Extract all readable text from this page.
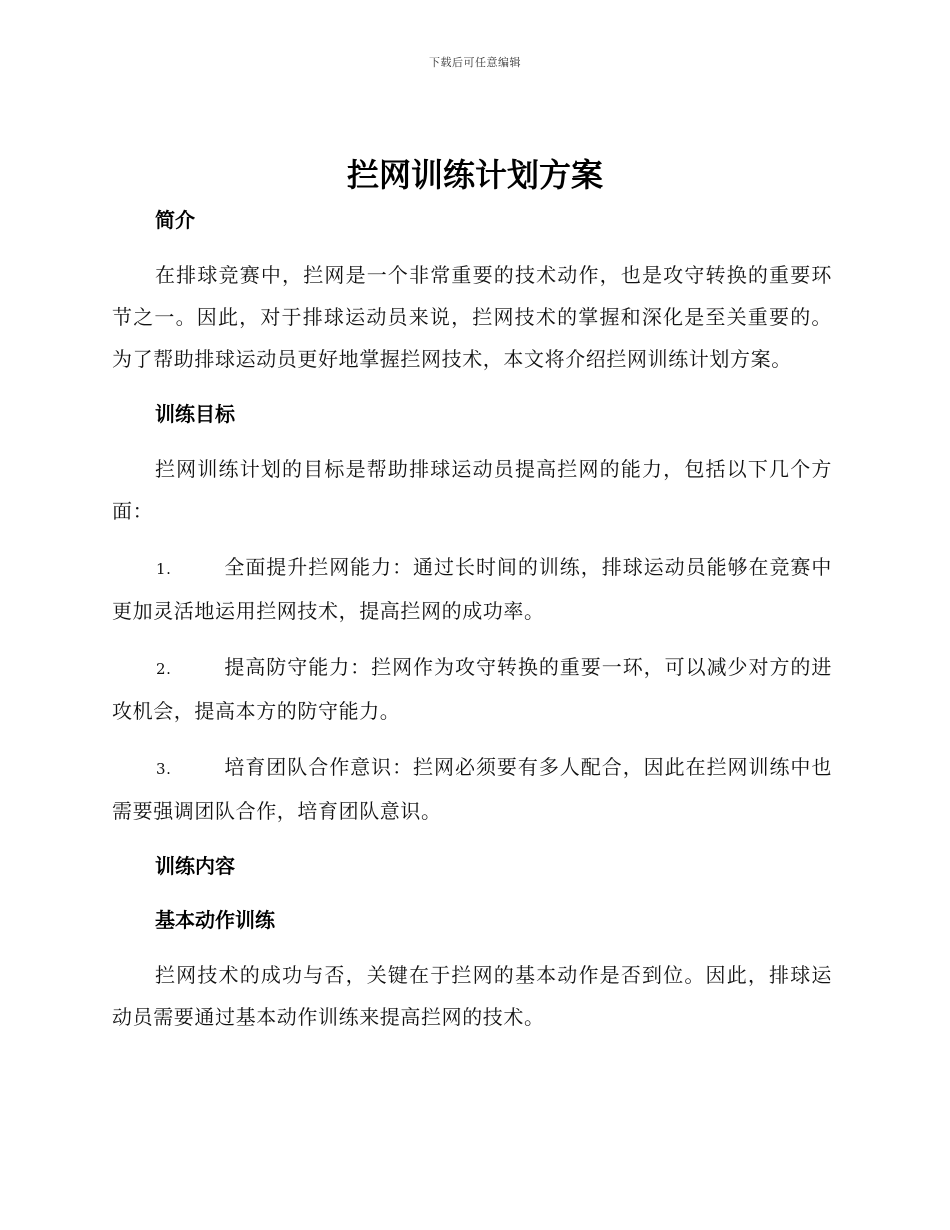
下载后可任意编辑
拦网训练计划方案
简介

在排球竞赛中，拦网是一个非常重要的技术动作，也是攻守转换的重要环节之一。因此，对于排球运动员来说，拦网技术的掌握和深化是至关重要的。为了帮助排球运动员更好地掌握拦网技术，本文将介绍拦网训练计划方案。

训练目标

拦网训练计划的目标是帮助排球运动员提高拦网的能力，包括以下几个方面：

1.	全面提升拦网能力：通过长时间的训练，排球运动员能够在竞赛中更加灵活地运用拦网技术，提高拦网的成功率。

2.	提高防守能力：拦网作为攻守转换的重要一环，可以减少对方的进攻机会，提高本方的防守能力。

3.	培育团队合作意识：拦网必须要有多人配合，因此在拦网训练中也需要强调团队合作，培育团队意识。

训练内容
基本动作训练

拦网技术的成功与否，关键在于拦网的基本动作是否到位。因此，排球运动员需要通过基本动作训练来提高拦网的技术。
